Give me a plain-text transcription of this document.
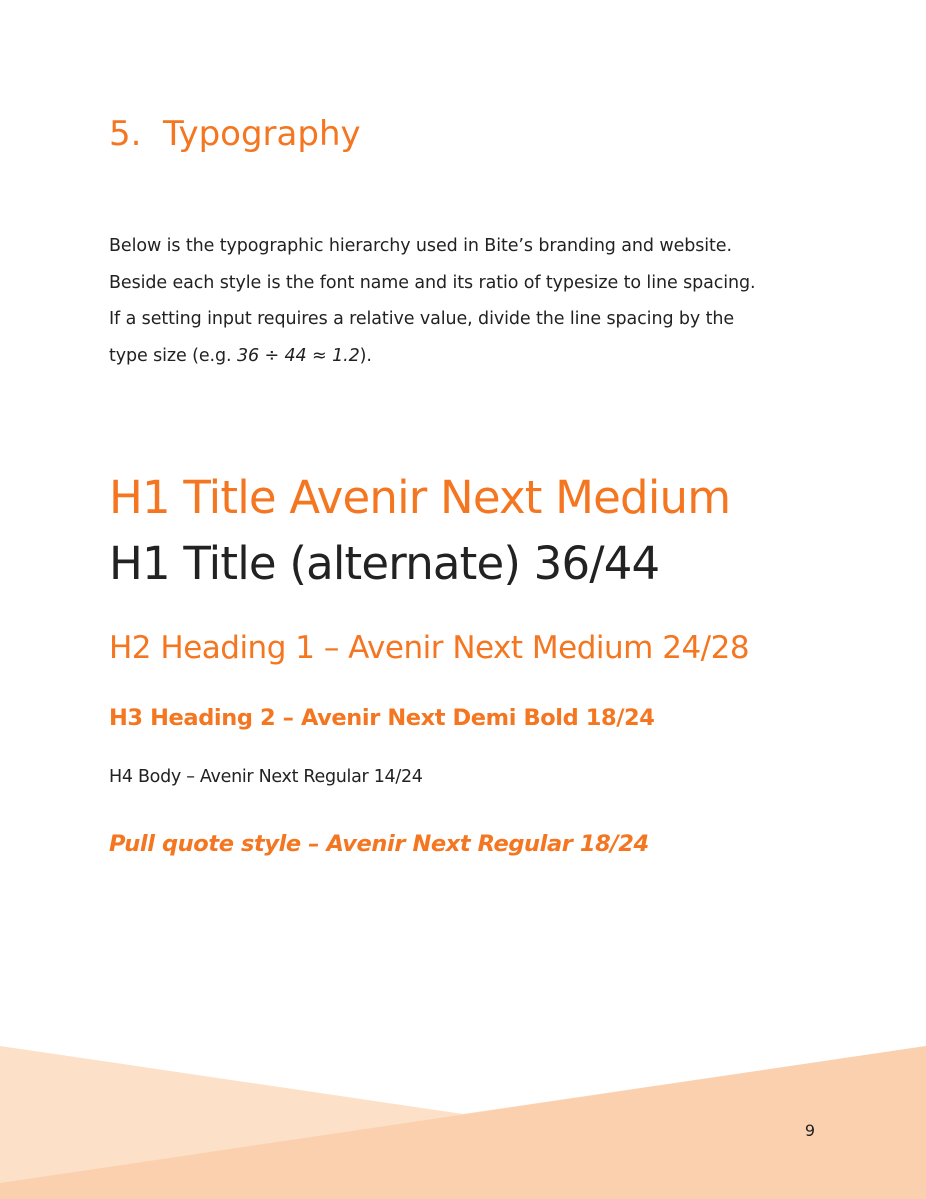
5. Typography

Below is the typographic hierarchy used in Bite’s branding and website.
Beside each style is the font name and its ratio of typesize to line spacing.
If a setting input requires a relative value, divide the line spacing by the
type size (e.g. 36 ÷ 44 ≈ 1.2).

H1 Title Avenir Next Medium
H1 Title (alternate) 36/44
H2 Heading 1 – Avenir Next Medium 24/28
H3 Heading 2 – Avenir Next Demi Bold 18/24
H4 Body – Avenir Next Regular 14/24
Pull quote style – Avenir Next Regular 18/24
9
